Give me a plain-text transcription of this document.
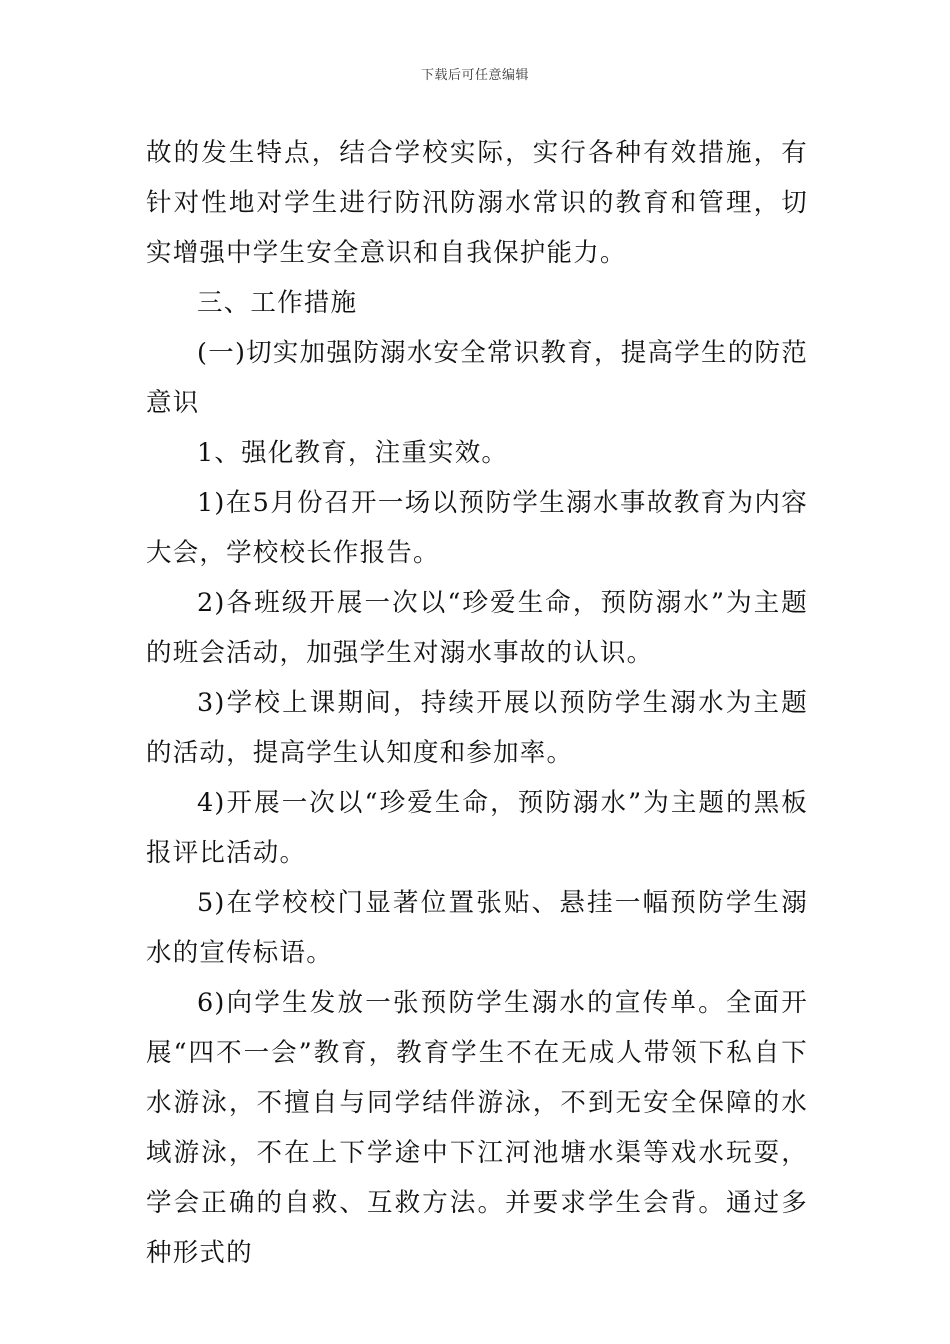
下载后可任意编辑

故的发生特点，结合学校实际，实行各种有效措施，有针对性地对学生进行防汛防溺水常识的教育和管理，切实增强中学生安全意识和自我保护能力。

三、工作措施

(一)切实加强防溺水安全常识教育，提高学生的防范意识

1、强化教育，注重实效。

1)在5月份召开一场以预防学生溺水事故教育为内容大会，学校校长作报告。

2)各班级开展一次以“珍爱生命，预防溺水”为主题的班会活动，加强学生对溺水事故的认识。

3)学校上课期间，持续开展以预防学生溺水为主题的活动，提高学生认知度和参加率。

4)开展一次以“珍爱生命，预防溺水”为主题的黑板报评比活动。

5)在学校校门显著位置张贴、悬挂一幅预防学生溺水的宣传标语。

6)向学生发放一张预防学生溺水的宣传单。全面开展“四不一会”教育，教育学生不在无成人带领下私自下水游泳，不擅自与同学结伴游泳，不到无安全保障的水域游泳，不在上下学途中下江河池塘水渠等戏水玩耍，学会正确的自救、互救方法。并要求学生会背。通过多种形式的
